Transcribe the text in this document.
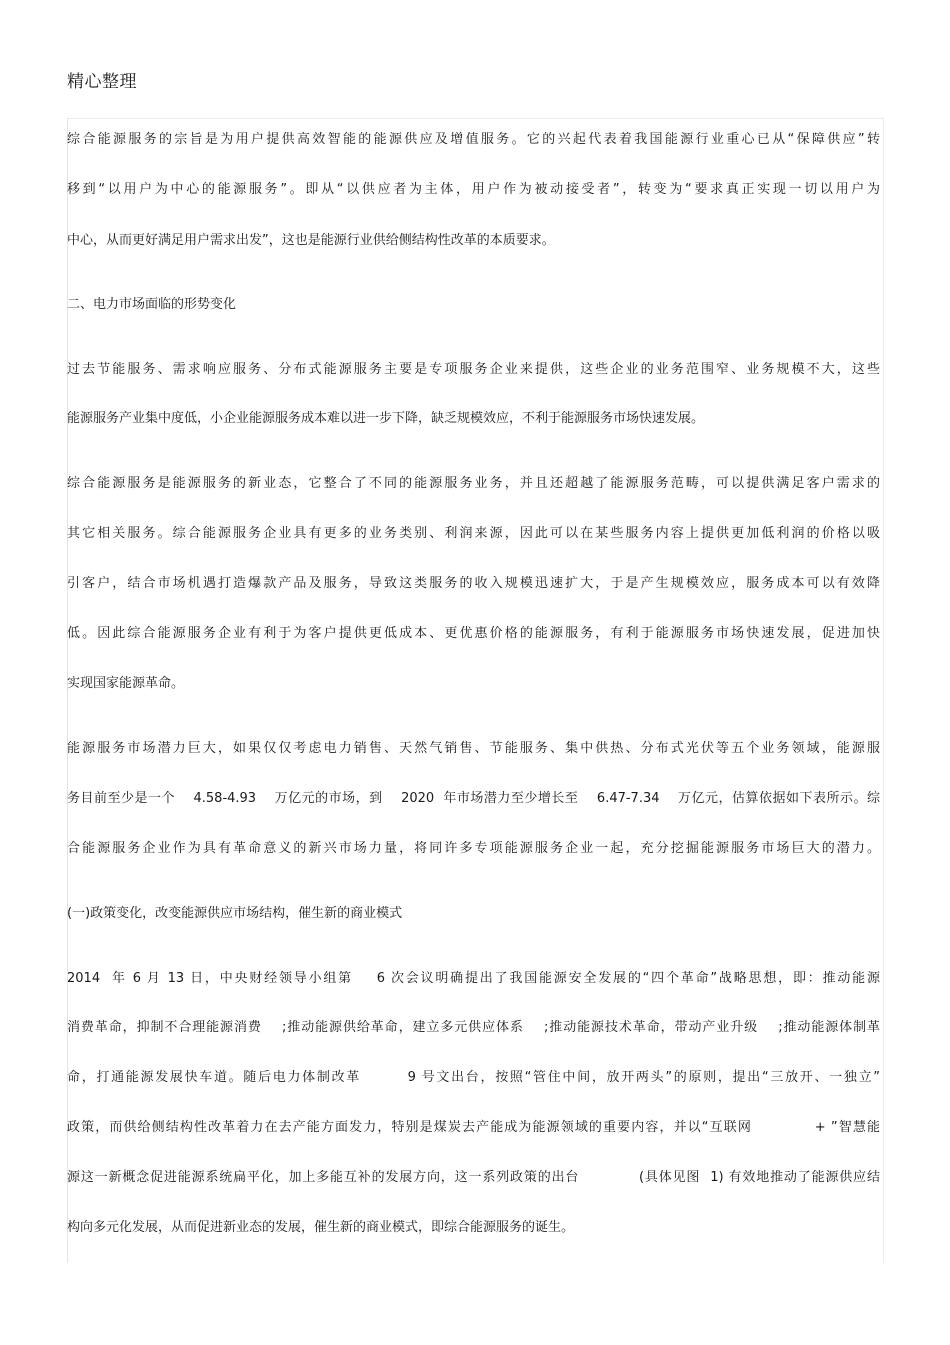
精心整理

综合能源服务的宗旨是为用户提供高效智能的能源供应及增值服务。它的兴起代表着我国能源行业重心已从“保障供应”转

移到“以用户为中心的能源服务”。即从“以供应者为主体，用户作为被动接受者”，转变为“要求真正实现一切以用户为

中心，从而更好满足用户需求出发”，这也是能源行业供给侧结构性改革的本质要求。

二、电力市场面临的形势变化

过去节能服务、需求响应服务、分布式能源服务主要是专项服务企业来提供，这些企业的业务范围窄、业务规模不大，这些

能源服务产业集中度低，小企业能源服务成本难以进一步下降，缺乏规模效应，不利于能源服务市场快速发展。

综合能源服务是能源服务的新业态，它整合了不同的能源服务业务，并且还超越了能源服务范畴，可以提供满足客户需求的

其它相关服务。综合能源服务企业具有更多的业务类别、利润来源，因此可以在某些服务内容上提供更加低利润的价格以吸

引客户，结合市场机遇打造爆款产品及服务，导致这类服务的收入规模迅速扩大，于是产生规模效应，服务成本可以有效降

低。因此综合能源服务企业有利于为客户提供更低成本、更优惠价格的能源服务，有利于能源服务市场快速发展，促进加快

实现国家能源革命。

能源服务市场潜力巨大，如果仅仅考虑电力销售、天然气销售、节能服务、集中供热、分布式光伏等五个业务领域，能源服

务目前至少是一个    4.58-4.93    万亿元的市场，到    2020  年市场潜力至少增长至    6.47-7.34    万亿元，估算依据如下表所示。综

合能源服务企业作为具有革命意义的新兴市场力量，将同许多专项能源服务企业一起，充分挖掘能源服务市场巨大的潜力。

(一)政策变化，改变能源供应市场结构，催生新的商业模式

2014  年 6 月 13 日，中央财经领导小组第    6 次会议明确提出了我国能源安全发展的“四个革命”战略思想，即：推动能源

消费革命，抑制不合理能源消费    ;推动能源供给革命，建立多元供应体系    ;推动能源技术革命，带动产业升级    ;推动能源体制革

命，打通能源发展快车道。随后电力体制改革        9 号文出台，按照“管住中间，放开两头”的原则，提出“三放开、一独立”

政策，而供给侧结构性改革着力在去产能方面发力，特别是煤炭去产能成为能源领域的重要内容，并以“互联网            + ”智慧能

源这一新概念促进能源系统扁平化，加上多能互补的发展方向，这一系列政策的出台            (具体见图  1) 有效地推动了能源供应结

构向多元化发展，从而促进新业态的发展，催生新的商业模式，即综合能源服务的诞生。
